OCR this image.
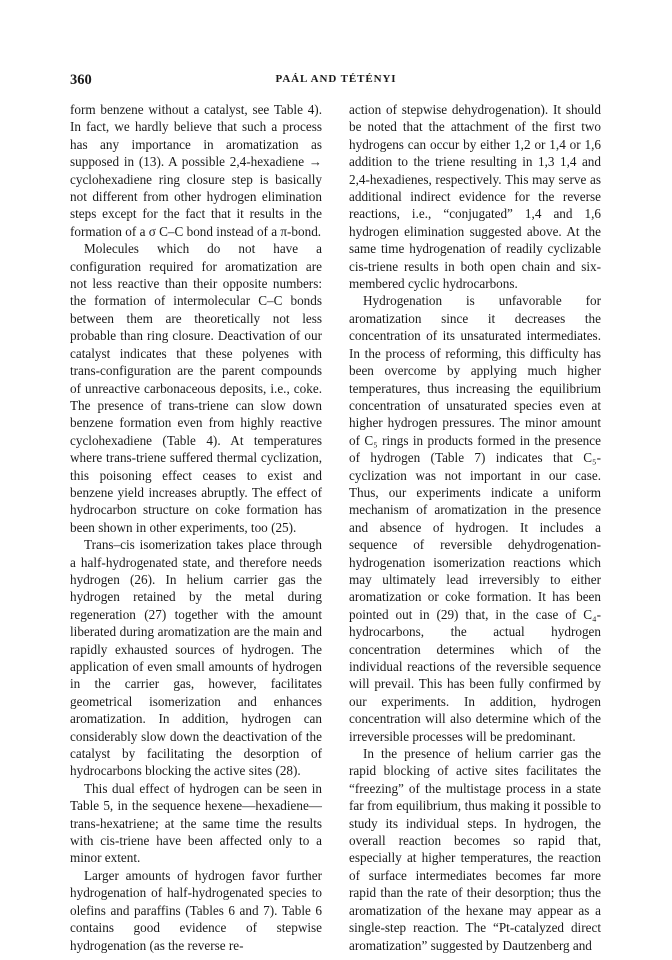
360	PAÁL AND TÉTÉNYI

form benzene without a catalyst, see Table 4). In fact, we hardly believe that such a process has any importance in aromatization as supposed in (13). A possible 2,4-hexadiene → cyclohexadiene ring closure step is basically not different from other hydrogen elimination steps except for the fact that it results in the formation of a σ C–C bond instead of a π-bond.

Molecules which do not have a configuration required for aromatization are not less reactive than their opposite numbers: the formation of intermolecular C–C bonds between them are theoretically not less probable than ring closure. Deactivation of our catalyst indicates that these polyenes with trans-configuration are the parent compounds of unreactive carbonaceous deposits, i.e., coke. The presence of trans-triene can slow down benzene formation even from highly reactive cyclohexadiene (Table 4). At temperatures where trans-triene suffered thermal cyclization, this poisoning effect ceases to exist and benzene yield increases abruptly. The effect of hydrocarbon structure on coke formation has been shown in other experiments, too (25).

Trans–cis isomerization takes place through a half-hydrogenated state, and therefore needs hydrogen (26). In helium carrier gas the hydrogen retained by the metal during regeneration (27) together with the amount liberated during aromatization are the main and rapidly exhausted sources of hydrogen. The application of even small amounts of hydrogen in the carrier gas, however, facilitates geometrical isomerization and enhances aromatization. In addition, hydrogen can considerably slow down the deactivation of the catalyst by facilitating the desorption of hydrocarbons blocking the active sites (28).

This dual effect of hydrogen can be seen in Table 5, in the sequence hexene—hexadiene—trans-hexatriene; at the same time the results with cis-triene have been affected only to a minor extent.

Larger amounts of hydrogen favor further hydrogenation of half-hydrogenated species to olefins and paraffins (Tables 6 and 7). Table 6 contains good evidence of stepwise hydrogenation (as the reverse re-

action of stepwise dehydrogenation). It should be noted that the attachment of the first two hydrogens can occur by either 1,2 or 1,4 or 1,6 addition to the triene resulting in 1,3 1,4 and 2,4-hexadienes, respectively. This may serve as additional indirect evidence for the reverse reactions, i.e., “conjugated” 1,4 and 1,6 hydrogen elimination suggested above. At the same time hydrogenation of readily cyclizable cis-triene results in both open chain and six-membered cyclic hydrocarbons.

Hydrogenation is unfavorable for aromatization since it decreases the concentration of its unsaturated intermediates. In the process of reforming, this difficulty has been overcome by applying much higher temperatures, thus increasing the equilibrium concentration of unsaturated species even at higher hydrogen pressures. The minor amount of C₅ rings in products formed in the presence of hydrogen (Table 7) indicates that C₅-cyclization was not important in our case. Thus, our experiments indicate a uniform mechanism of aromatization in the presence and absence of hydrogen. It includes a sequence of reversible dehydrogenation-hydrogenation isomerization reactions which may ultimately lead irreversibly to either aromatization or coke formation. It has been pointed out in (29) that, in the case of C₄-hydrocarbons, the actual hydrogen concentration determines which of the individual reactions of the reversible sequence will prevail. This has been fully confirmed by our experiments. In addition, hydrogen concentration will also determine which of the irreversible processes will be predominant.

In the presence of helium carrier gas the rapid blocking of active sites facilitates the “freezing” of the multistage process in a state far from equilibrium, thus making it possible to study its individual steps. In hydrogen, the overall reaction becomes so rapid that, especially at higher temperatures, the reaction of surface intermediates becomes far more rapid than the rate of their desorption; thus the aromatization of the hexane may appear as a single-step reaction. The “Pt-catalyzed direct aromatization” suggested by Dautzenberg and
